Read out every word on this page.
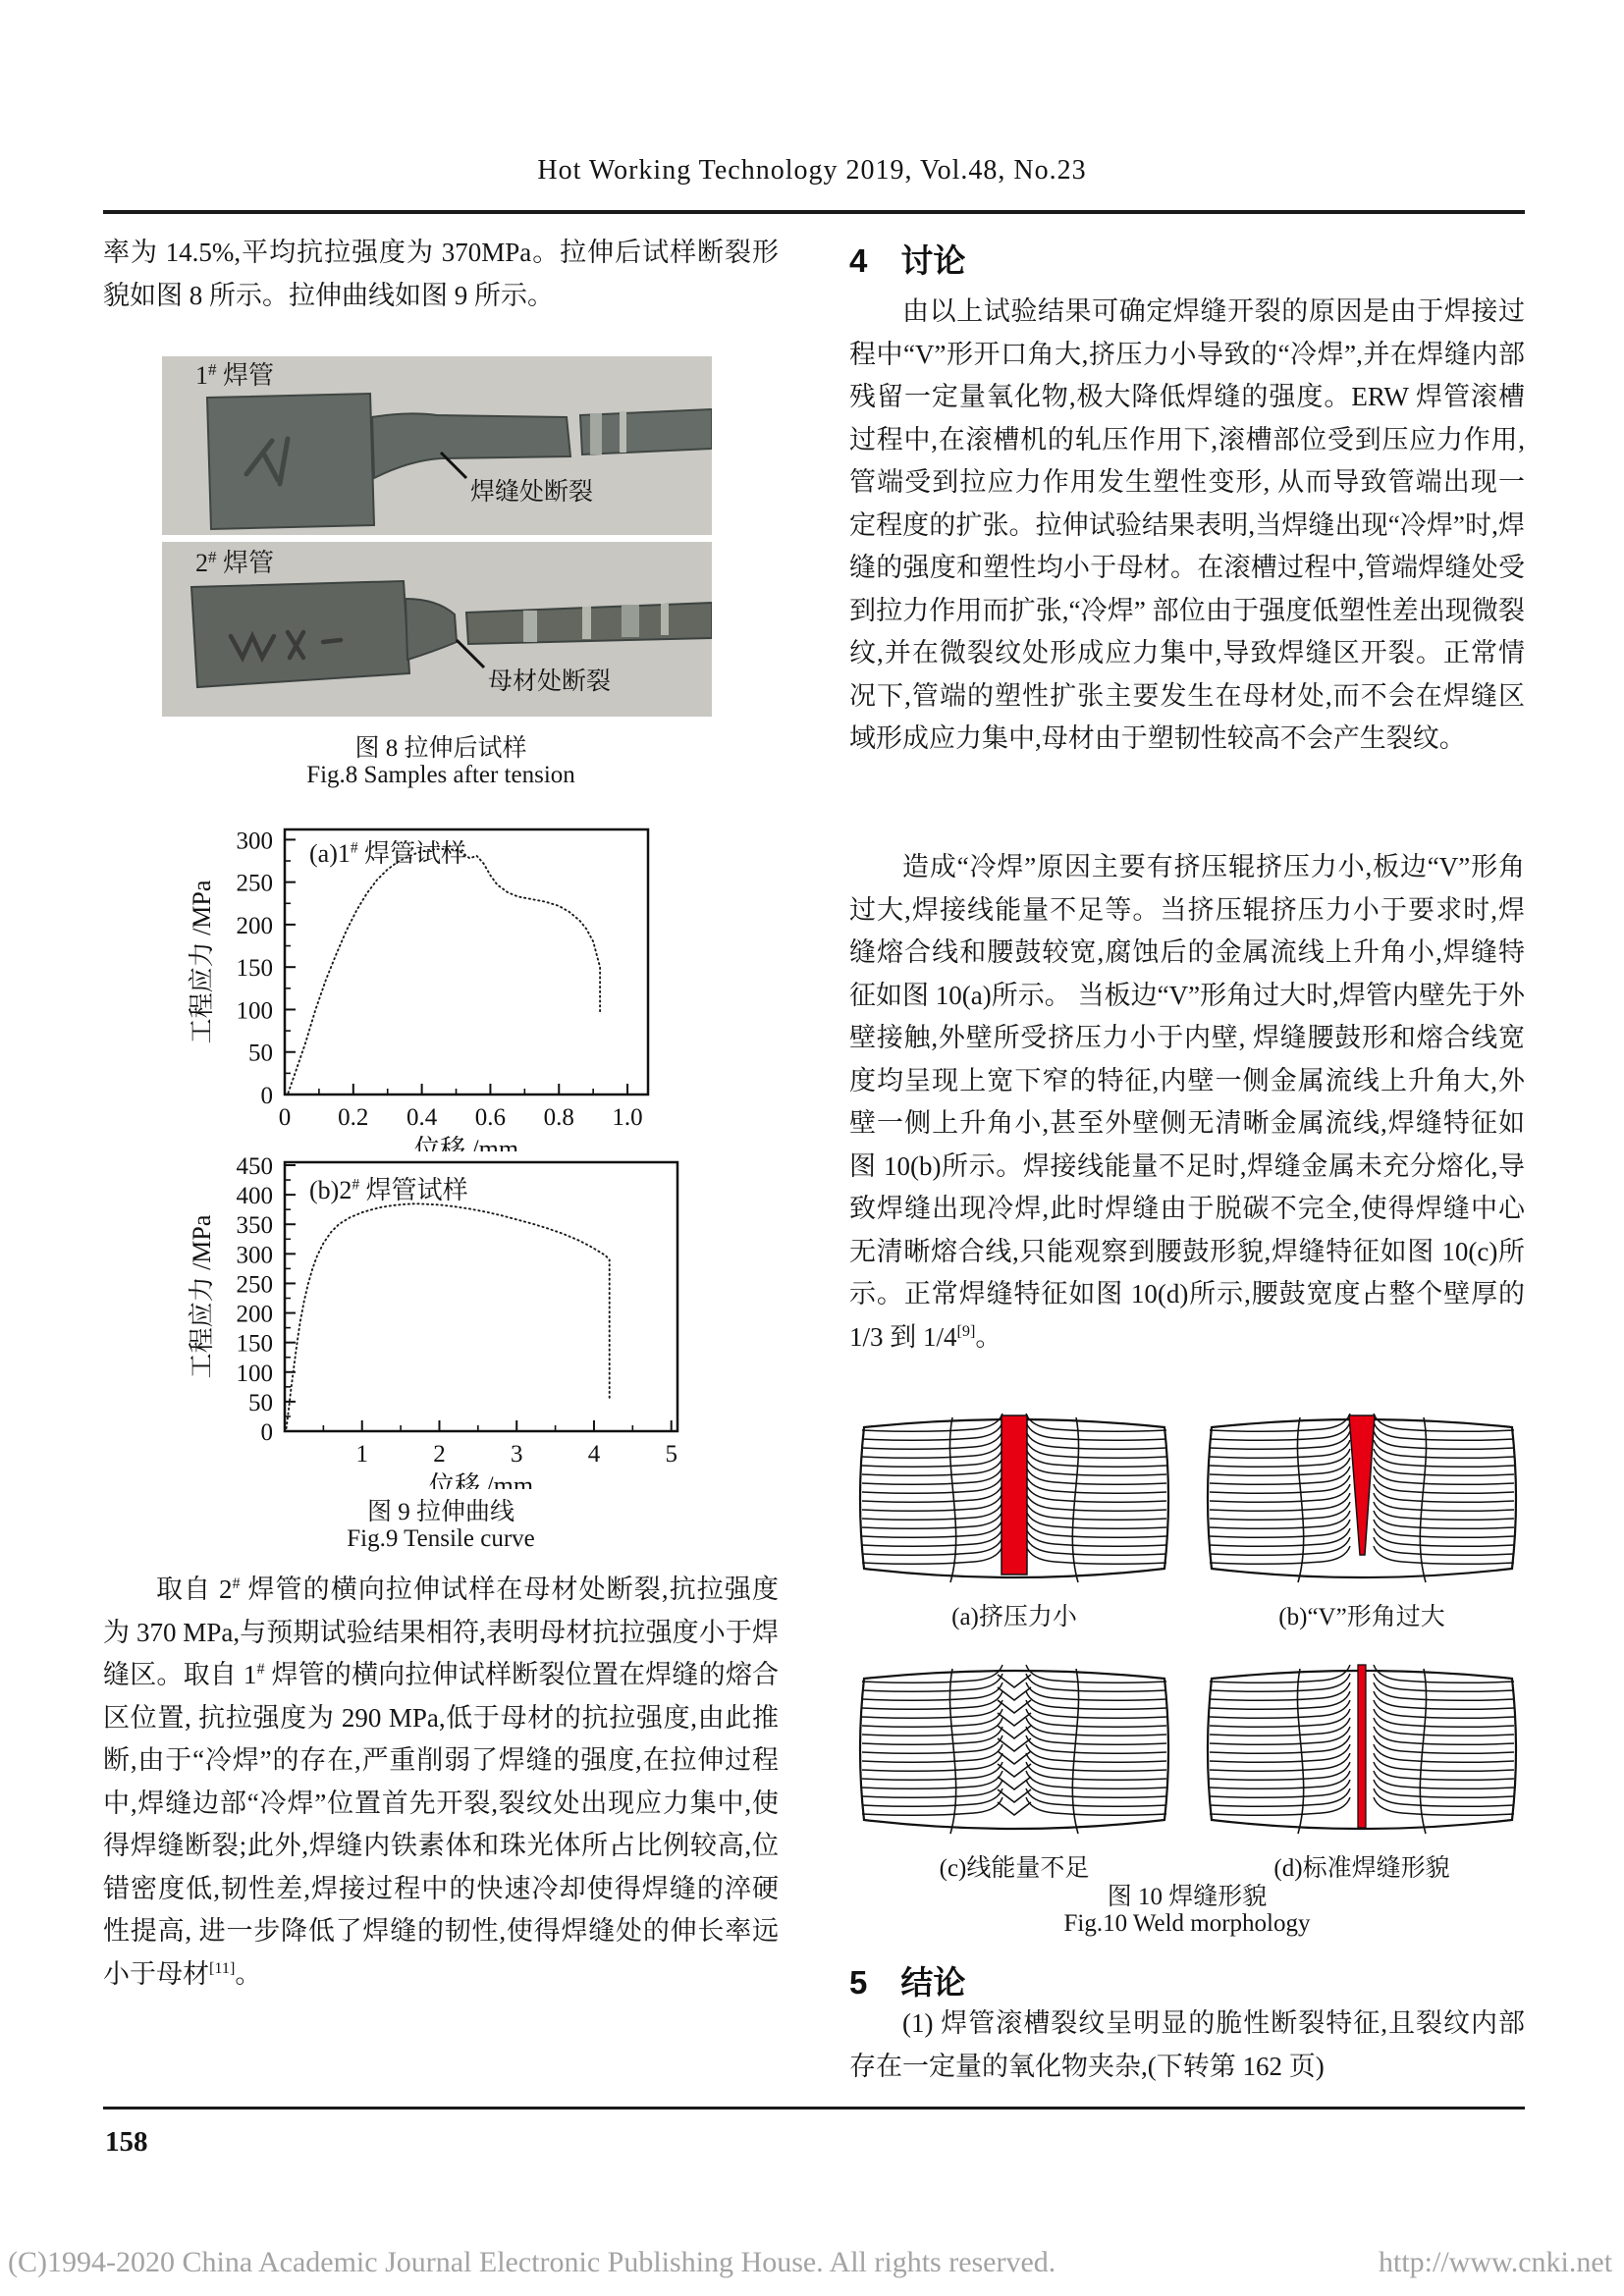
Hot Working Technology 2019, Vol.48, No.23
率为 14.5%,平均抗拉强度为 370MPa。拉伸后试样断裂形貌如图 8 所示。拉伸曲线如图 9 所示。
1# 焊管
焊缝处断裂
2# 焊管
母材处断裂
图 8 拉伸后试样
Fig.8 Samples after tension
0 0.2 0.4 0.6 0.8 1.0
0
50
100
150
200
250
300
位移 /mm
工程应力 /MPa
(a)1# 焊管试样
1	2	3	4	5
0
50
100
150
200
250
300
350
400
450
位移 /mm
工程应力 /MPa
(b)2# 焊管试样
图 9 拉伸曲线
Fig.9 Tensile curve
取自 2# 焊管的横向拉伸试样在母材处断裂,抗拉强度为 370 MPa,与预期试验结果相符,表明母材抗拉强度小于焊缝区。取自 1# 焊管的横向拉伸试样断裂位置在焊缝的熔合区位置, 抗拉强度为 290 MPa,低于母材的抗拉强度,由此推断,由于“冷焊”的存在,严重削弱了焊缝的强度,在拉伸过程中,焊缝边部“冷焊”位置首先开裂,裂纹处出现应力集中,使得焊缝断裂;此外,焊缝内铁素体和珠光体所占比例较高,位错密度低,韧性差,焊接过程中的快速冷却使得焊缝的淬硬性提高, 进一步降低了焊缝的韧性,使得焊缝处的伸长率远小于母材[11]。
4 讨论
由以上试验结果可确定焊缝开裂的原因是由于焊接过程中“V”形开口角大,挤压力小导致的“冷焊”,并在焊缝内部残留一定量氧化物,极大降低焊缝的强度。ERW 焊管滚槽过程中,在滚槽机的轧压作用下,滚槽部位受到压应力作用,管端受到拉应力作用发生塑性变形, 从而导致管端出现一定程度的扩张。拉伸试验结果表明,当焊缝出现“冷焊”时,焊缝的强度和塑性均小于母材。在滚槽过程中,管端焊缝处受到拉力作用而扩张,“冷焊” 部位由于强度低塑性差出现微裂纹,并在微裂纹处形成应力集中,导致焊缝区开裂。正常情况下,管端的塑性扩张主要发生在母材处,而不会在焊缝区域形成应力集中,母材由于塑韧性较高不会产生裂纹。
造成“冷焊”原因主要有挤压辊挤压力小,板边“V”形角过大,焊接线能量不足等。当挤压辊挤压力小于要求时,焊缝熔合线和腰鼓较宽,腐蚀后的金属流线上升角小,焊缝特征如图 10(a)所示。 当板边“V”形角过大时,焊管内壁先于外壁接触,外壁所受挤压力小于内壁, 焊缝腰鼓形和熔合线宽度均呈现上宽下窄的特征,内壁一侧金属流线上升角大,外壁一侧上升角小,甚至外壁侧无清晰金属流线,焊缝特征如图 10(b)所示。焊接线能量不足时,焊缝金属未充分熔化,导致焊缝出现冷焊,此时焊缝由于脱碳不完全,使得焊缝中心无清晰熔合线,只能观察到腰鼓形貌,焊缝特征如图 10(c)所示。正常焊缝特征如图 10(d)所示,腰鼓宽度占整个壁厚的 1/3 到 1/4[9]。
(a)挤压力小	(b)“V”形角过大
(c)线能量不足	(d)标准焊缝形貌
图 10 焊缝形貌
Fig.10 Weld morphology
5 结论
(1) 焊管滚槽裂纹呈明显的脆性断裂特征,且裂纹内部存在一定量的氧化物夹杂,(下转第 162 页)
158
(C)1994-2020 China Academic Journal Electronic Publishing House. All rights reserved.	http://www.cnki.net
